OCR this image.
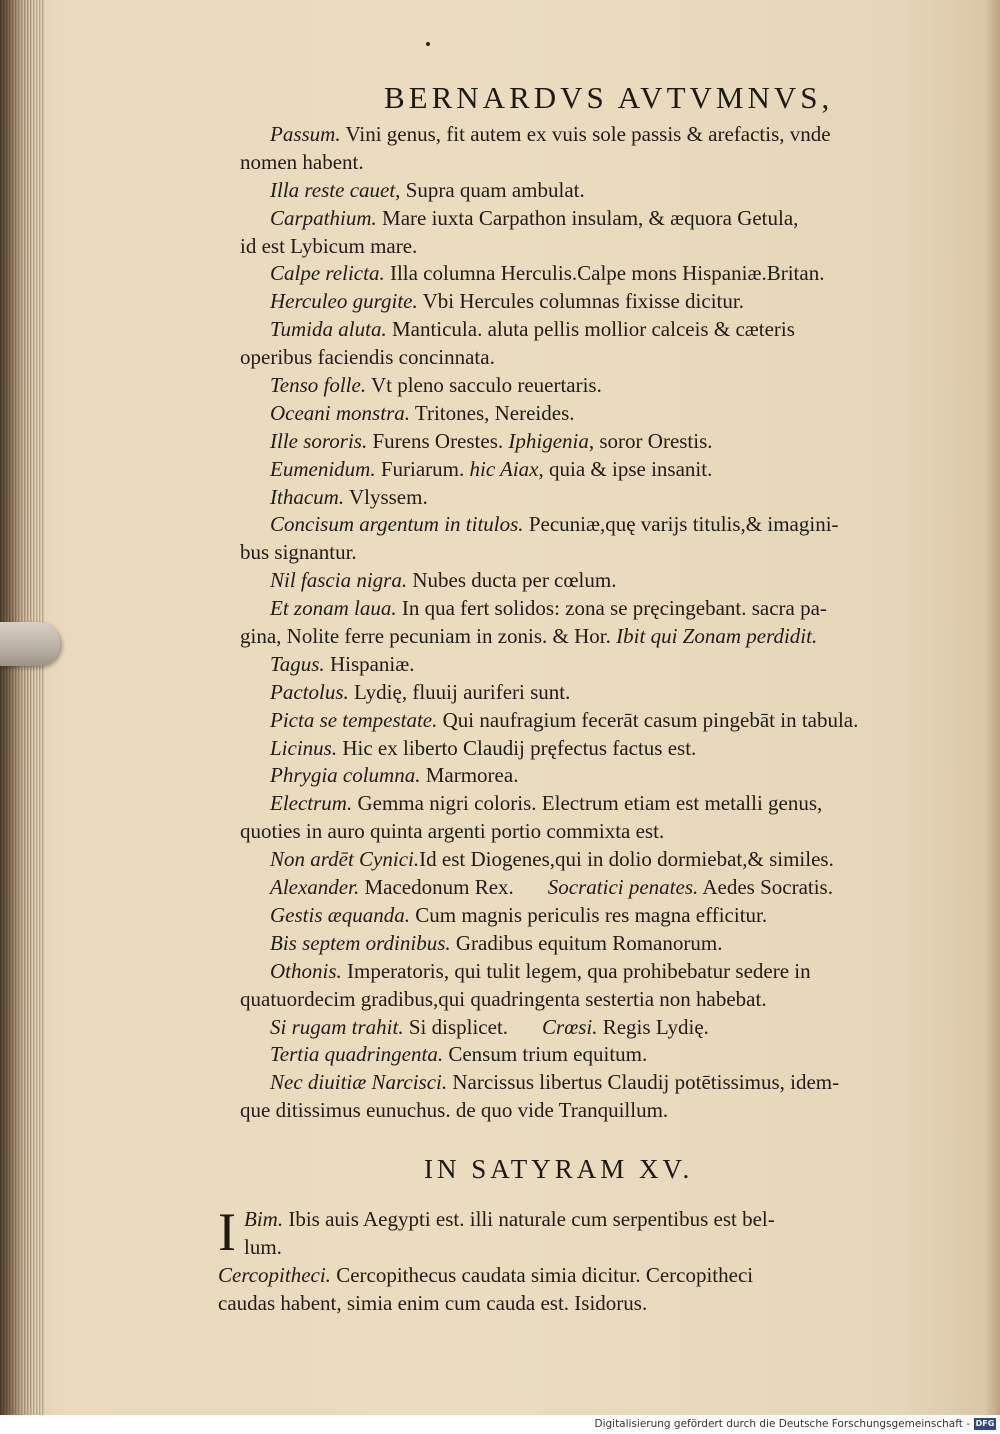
BERNARDVS AVTVMNVS,
Passum. Vini genus, fit autem ex vuis sole passis & arefactis, vnde
nomen habent.
Illa reste cauet, Supra quam ambulat.
Carpathium. Mare iuxta Carpathon insulam, & æquora Getula,
id est Lybicum mare.
Calpe relicta. Illa columna Herculis.Calpe mons Hispaniæ.Britan.
Herculeo gurgite. Vbi Hercules columnas fixisse dicitur.
Tumida aluta. Manticula. aluta pellis mollior calceis & cæteris
operibus faciendis concinnata.
Tenso folle. Vt pleno sacculo reuertaris.
Oceani monstra. Tritones, Nereides.
Ille sororis. Furens Orestes. Iphigenia, soror Orestis.
Eumenidum. Furiarum. hic Aiax, quia & ipse insanit.
Ithacum. Vlyssem.
Concisum argentum in titulos. Pecuniæ,quę varijs titulis,& imagini-
bus signantur.
Nil fascia nigra. Nubes ducta per cœlum.
Et zonam laua. In qua fert solidos: zona se pręcingebant. sacra pa-
gina, Nolite ferre pecuniam in zonis. & Hor. Ibit qui Zonam perdidit.
Tagus. Hispaniæ.
Pactolus. Lydię, fluuij auriferi sunt.
Picta se tempestate. Qui naufragium fecerāt casum pingebāt in tabula.
Licinus. Hic ex liberto Claudij pręfectus factus est.
Phrygia columna. Marmorea.
Electrum. Gemma nigri coloris. Electrum etiam est metalli genus,
quoties in auro quinta argenti portio commixta est.
Non ardēt Cynici.Id est Diogenes,qui in dolio dormiebat,& similes.
Alexander. Macedonum Rex. Socratici penates. Aedes Socratis.
Gestis æquanda. Cum magnis periculis res magna efficitur.
Bis septem ordinibus. Gradibus equitum Romanorum.
Othonis. Imperatoris, qui tulit legem, qua prohibebatur sedere in
quatuordecim gradibus,qui quadringenta sestertia non habebat.
Si rugam trahit. Si displicet. Crœsi. Regis Lydię.
Tertia quadringenta. Censum trium equitum.
Nec diuitiæ Narcisci. Narcissus libertus Claudij potētissimus, idem-
que ditissimus eunuchus. de quo vide Tranquillum.
IN SATYRAM XV.
I Bim. Ibis auis Aegypti est. illi naturale cum serpentibus est bel-
lum.
Cercopitheci. Cercopithecus caudata simia dicitur. Cercopitheci
caudas habent, simia enim cum cauda est. Isidorus.
Digitalisierung gefördert durch die Deutsche Forschungsgemeinschaft - DFG
